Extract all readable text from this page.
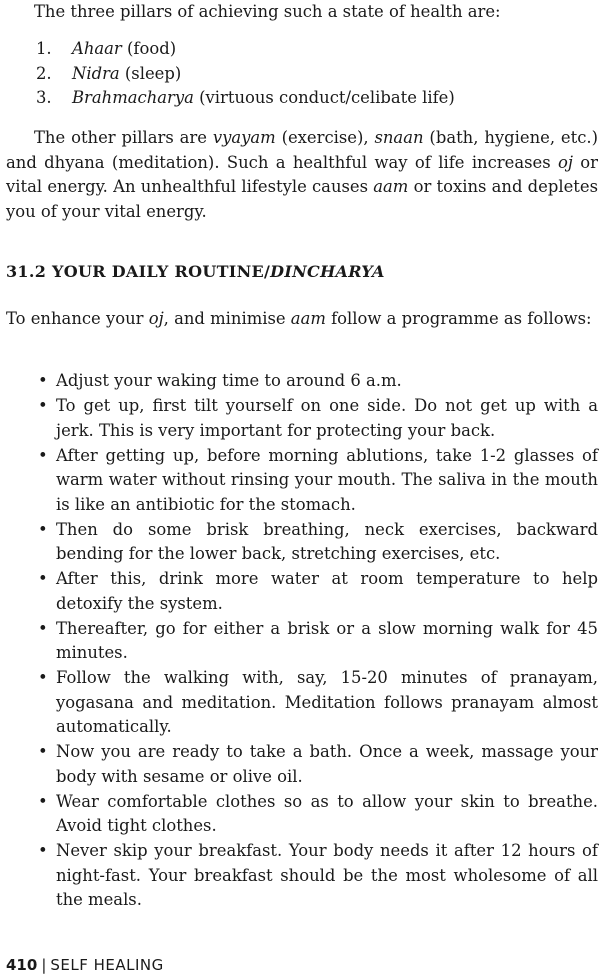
The three pillars of achieving such a state of health are:

1. Ahaar (food)
2. Nidra (sleep)
3. Brahmacharya (virtuous conduct/celibate life)

The other pillars are vyayam (exercise), snaan (bath, hygiene, etc.) and dhyana (meditation). Such a healthful way of life increases oj or vital energy. An unhealthful lifestyle causes aam or toxins and depletes you of your vital energy.

31.2 YOUR DAILY ROUTINE/DINCHARYA

To enhance your oj, and minimise aam follow a programme as follows:

• Adjust your waking time to around 6 a.m.
• To get up, first tilt yourself on one side. Do not get up with a jerk. This is very important for protecting your back.
• After getting up, before morning ablutions, take 1-2 glasses of warm water without rinsing your mouth. The saliva in the mouth is like an antibiotic for the stomach.
• Then do some brisk breathing, neck exercises, backward bending for the lower back, stretching exercises, etc.
• After this, drink more water at room temperature to help detoxify the system.
• Thereafter, go for either a brisk or a slow morning walk for 45 minutes.
• Follow the walking with, say, 15-20 minutes of pranayam, yogasana and meditation. Meditation follows pranayam almost automatically.
• Now you are ready to take a bath. Once a week, massage your body with sesame or olive oil.
• Wear comfortable clothes so as to allow your skin to breathe. Avoid tight clothes.
• Never skip your breakfast. Your body needs it after 12 hours of night-fast. Your breakfast should be the most wholesome of all the meals.
410 | SELF HEALING
